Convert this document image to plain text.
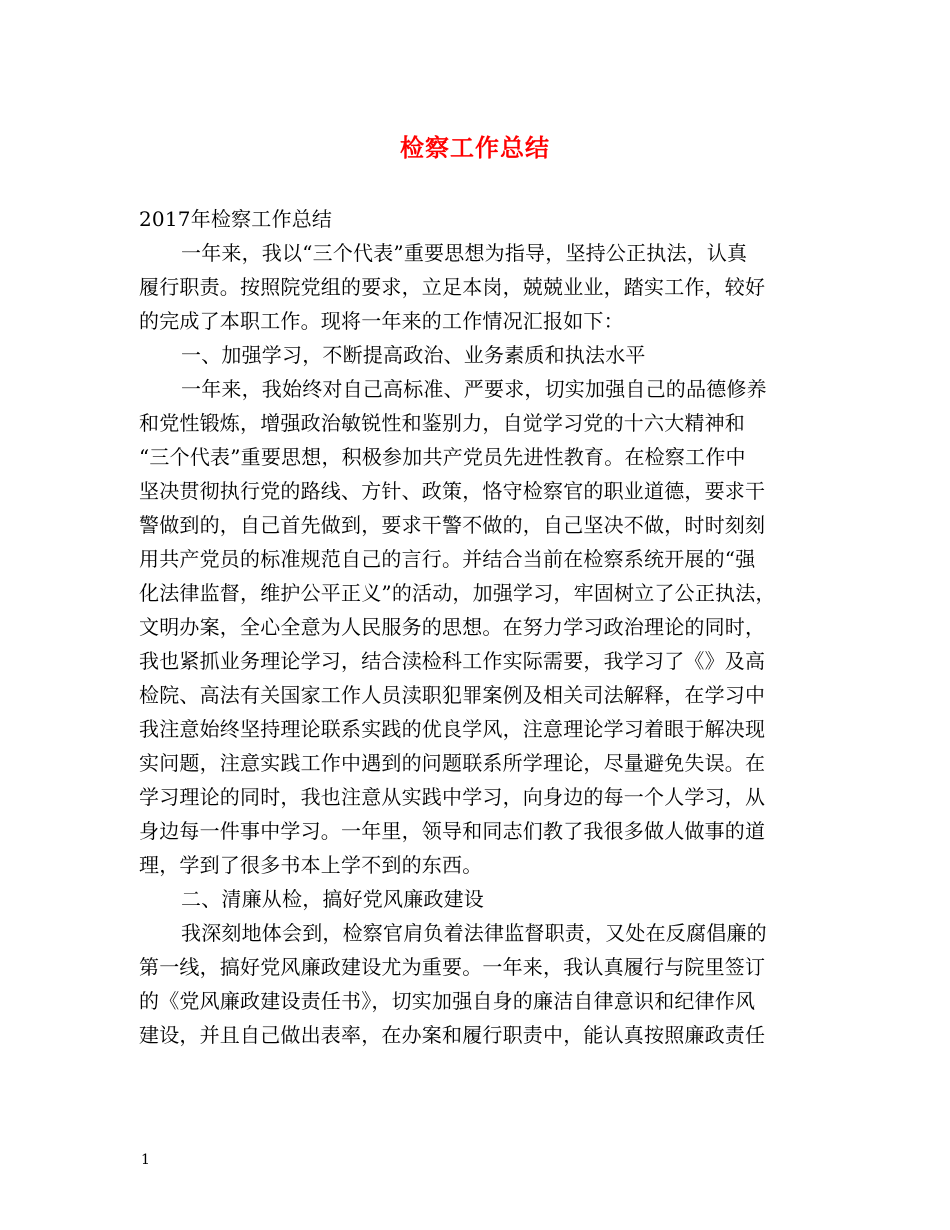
检察工作总结

2017年检察工作总结

一年来，我以“三个代表”重要思想为指导，坚持公正执法，认真

履行职责。按照院党组的要求，立足本岗，兢兢业业，踏实工作，较好

的完成了本职工作。现将一年来的工作情况汇报如下：

一、加强学习，不断提高政治、业务素质和执法水平

一年来，我始终对自己高标准、严要求，切实加强自己的品德修养

和党性锻炼，增强政治敏锐性和鉴别力，自觉学习党的十六大精神和

“三个代表”重要思想，积极参加共产党员先进性教育。在检察工作中

坚决贯彻执行党的路线、方针、政策，恪守检察官的职业道德，要求干

警做到的，自己首先做到，要求干警不做的，自己坚决不做，时时刻刻

用共产党员的标准规范自己的言行。并结合当前在检察系统开展的“强

化法律监督，维护公平正义”的活动，加强学习，牢固树立了公正执法，

文明办案，全心全意为人民服务的思想。在努力学习政治理论的同时，

我也紧抓业务理论学习，结合渎检科工作实际需要，我学习了《》及高

检院、高法有关国家工作人员渎职犯罪案例及相关司法解释，在学习中

我注意始终坚持理论联系实践的优良学风，注意理论学习着眼于解决现

实问题，注意实践工作中遇到的问题联系所学理论，尽量避免失误。在

学习理论的同时，我也注意从实践中学习，向身边的每一个人学习，从

身边每一件事中学习。一年里，领导和同志们教了我很多做人做事的道

理，学到了很多书本上学不到的东西。

二、清廉从检，搞好党风廉政建设

我深刻地体会到，检察官肩负着法律监督职责，又处在反腐倡廉的

第一线，搞好党风廉政建设尤为重要。一年来，我认真履行与院里签订

的《党风廉政建设责任书》，切实加强自身的廉洁自律意识和纪律作风

建设，并且自己做出表率，在办案和履行职责中，能认真按照廉政责任

1
